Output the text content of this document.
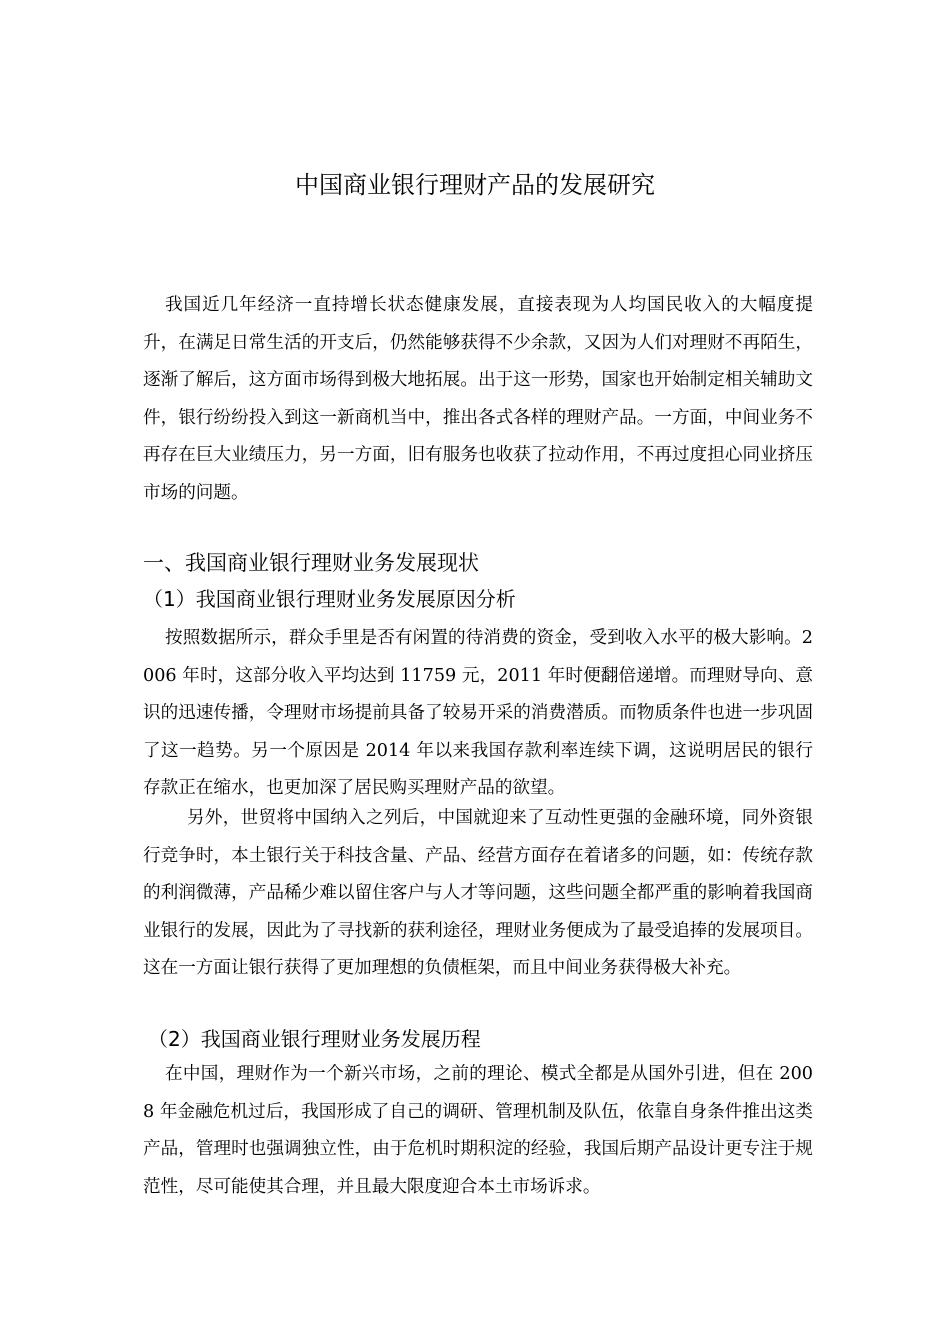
中国商业银行理财产品的发展研究

我国近几年经济一直持增长状态健康发展，直接表现为人均国民收入的大幅度提升，在满足日常生活的开支后，仍然能够获得不少余款，又因为人们对理财不再陌生，逐渐了解后，这方面市场得到极大地拓展。出于这一形势，国家也开始制定相关辅助文件，银行纷纷投入到这一新商机当中，推出各式各样的理财产品。一方面，中间业务不再存在巨大业绩压力，另一方面，旧有服务也收获了拉动作用，不再过度担心同业挤压市场的问题。

一、我国商业银行理财业务发展现状
（1）我国商业银行理财业务发展原因分析

按照数据所示，群众手里是否有闲置的待消费的资金，受到收入水平的极大影响。2006 年时，这部分收入平均达到 11759 元，2011 年时便翻倍递增。而理财导向、意识的迅速传播，令理财市场提前具备了较易开采的消费潜质。而物质条件也进一步巩固了这一趋势。另一个原因是 2014 年以来我国存款利率连续下调，这说明居民的银行存款正在缩水，也更加深了居民购买理财产品的欲望。

另外，世贸将中国纳入之列后，中国就迎来了互动性更强的金融环境，同外资银行竞争时，本土银行关于科技含量、产品、经营方面存在着诸多的问题，如：传统存款的利润微薄，产品稀少难以留住客户与人才等问题，这些问题全都严重的影响着我国商业银行的发展，因此为了寻找新的获利途径，理财业务便成为了最受追捧的发展项目。这在一方面让银行获得了更加理想的负债框架，而且中间业务获得极大补充。

（2）我国商业银行理财业务发展历程

在中国，理财作为一个新兴市场，之前的理论、模式全都是从国外引进，但在 2008 年金融危机过后，我国形成了自己的调研、管理机制及队伍，依靠自身条件推出这类产品，管理时也强调独立性，由于危机时期积淀的经验，我国后期产品设计更专注于规范性，尽可能使其合理，并且最大限度迎合本土市场诉求。
